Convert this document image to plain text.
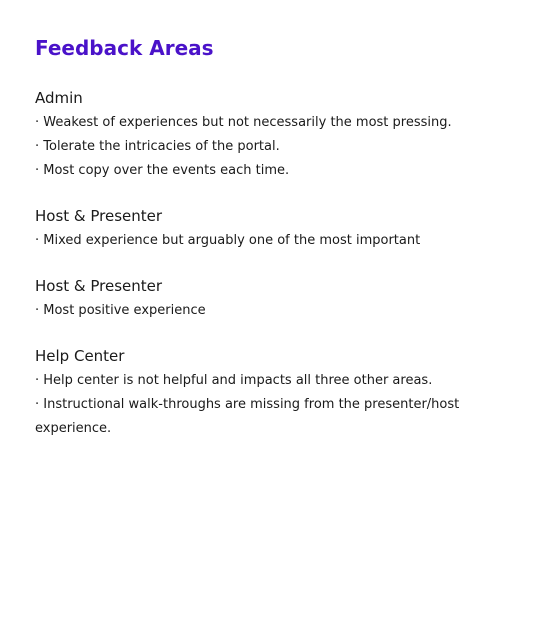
Feedback Areas
Admin
· Weakest of experiences but not necessarily the most pressing.
· Tolerate the intricacies of the portal.
· Most copy over the events each time.
Host & Presenter
· Mixed experience but arguably one of the most important
Host & Presenter
· Most positive experience
Help Center
· Help center is not helpful and impacts all three other areas.
· Instructional walk-throughs are missing from the presenter/host experience.
